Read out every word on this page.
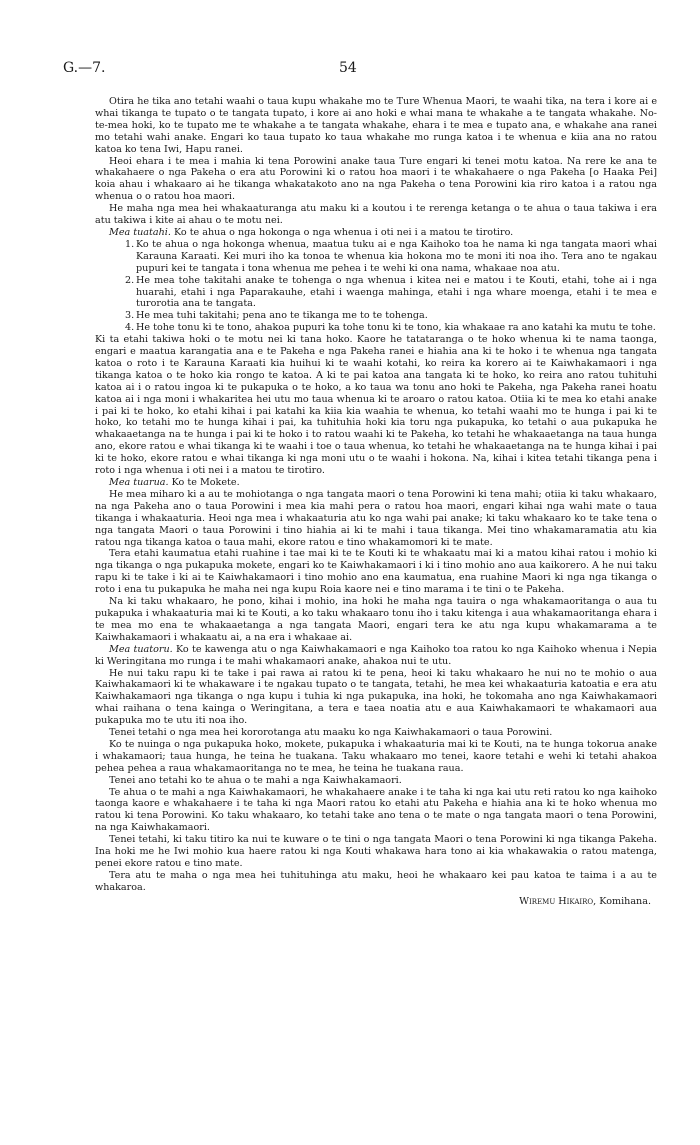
G.—7.	54

Otira he tika ano tetahi waahi o taua kupu whakahe mo te Ture Whenua Maori, te waahi tika, na tera i kore ai e whai tikanga te tupato o te tangata tupato, i kore ai ano hoki e whai mana te whakahe a te tangata whakahe. No-te-mea hoki, ko te tupato me te whakahe a te tangata whakahe, ehara i te mea e tupato ana, e whakahe ana ranei mo tetahi wahi anake. Engari ko taua tupato ko taua whakahe mo runga katoa i te whenua e kiia ana no ratou katoa ko tena Iwi, Hapu ranei.

Heoi ehara i te mea i mahia ki tena Porowini anake taua Ture engari ki tenei motu katoa. Na rere ke ana te whakahaere o nga Pakeha o era atu Porowini ki o ratou hoa maori i te whakahaere o nga Pakeha [o Haaka Pei] koia ahau i whakaaro ai he tikanga whakatakoto ano na nga Pakeha o tena Porowini kia riro katoa i a ratou nga whenua o o ratou hoa maori.

He maha nga mea hei whakaaturanga atu maku ki a koutou i te rerenga ketanga o te ahua o taua takiwa i era atu takiwa i kite ai ahau o te motu nei.

Mea tuatahi. Ko te ahua o nga hokonga o nga whenua i oti nei i a matou te tirotiro.

1. Ko te ahua o nga hokonga whenua, maatua tuku ai e nga Kaihoko toa he nama ki nga tangata maori whai Karauna Karaati. Kei muri iho ka tonoa te whenua kia hokona mo te moni iti noa iho. Tera ano te ngakau pupuri kei te tangata i tona whenua me pehea i te wehi ki ona nama, whakaae noa atu.
2. He mea tohe takitahi anake te tohenga o nga whenua i kitea nei e matou i te Kouti, etahi, tohe ai i nga huarahi, etahi i nga Paparakauhe, etahi i waenga mahinga, etahi i nga whare moenga, etahi i te mea e turorotia ana te tangata.
3. He mea tuhi takitahi; pena ano te tikanga me to te tohenga.
4. He tohe tonu ki te tono, ahakoa pupuri ka tohe tonu ki te tono, kia whakaae ra ano katahi ka mutu te tohe.

Ki ta etahi takiwa hoki o te motu nei ki tana hoko. Kaore he tatataranga o te hoko whenua ki te nama taonga, engari e maatua karangatia ana e te Pakeha e nga Pakeha ranei e hiahia ana ki te hoko i te whenua nga tangata katoa o roto i te Karauna Karaati kia huihui ki te waahi kotahi, ko reira ka korero ai te Kaiwhakamaori i nga tikanga katoa o te hoko kia rongo te katoa. A ki te pai katoa ana tangata ki te hoko, ko reira ano ratou tuhituhi katoa ai i o ratou ingoa ki te pukapuka o te hoko, a ko taua wa tonu ano hoki te Pakeha, nga Pakeha ranei hoatu katoa ai i nga moni i whakaritea hei utu mo taua whenua ki te aroaro o ratou katoa. Otiia ki te mea ko etahi anake i pai ki te hoko, ko etahi kihai i pai katahi ka kiia kia waahia te whenua, ko tetahi waahi mo te hunga i pai ki te hoko, ko tetahi mo te hunga kihai i pai, ka tuhituhia hoki kia toru nga pukapuka, ko tetahi o aua pukapuka he whakaaetanga na te hunga i pai ki te hoko i to ratou waahi ki te Pakeha, ko tetahi he whakaaetanga na taua hunga ano, ekore ratou e whai tikanga ki te waahi i toe o taua whenua, ko tetahi he whakaaetanga na te hunga kihai i pai ki te hoko, ekore ratou e whai tikanga ki nga moni utu o te waahi i hokona. Na, kihai i kitea tetahi tikanga pena i roto i nga whenua i oti nei i a matou te tirotiro.

Mea tuarua. Ko te Mokete.

He mea miharo ki a au te mohiotanga o nga tangata maori o tena Porowini ki tena mahi; otiia ki taku whakaaro, na nga Pakeha ano o taua Porowini i mea kia mahi pera o ratou hoa maori, engari kihai nga wahi mate o taua tikanga i whakaaturia. Heoi nga mea i whakaaturia atu ko nga wahi pai anake; ki taku whakaaro ko te take tena o nga tangata Maori o taua Porowini i tino hiahia ai ki te mahi i taua tikanga. Mei tino whakamaramatia atu kia ratou nga tikanga katoa o taua mahi, ekore ratou e tino whakamomori ki te mate.

Tera etahi kaumatua etahi ruahine i tae mai ki te te Kouti ki te whakaatu mai ki a matou kihai ratou i mohio ki nga tikanga o nga pukapuka mokete, engari ko te Kaiwhakamaori i ki i tino mohio ano aua kaikorero. A he nui taku rapu ki te take i ki ai te Kaiwhakamaori i tino mohio ano ena kaumatua, ena ruahine Maori ki nga nga tikanga o roto i ena tu pukapuka he maha nei nga kupu Roia kaore nei e tino marama i te tini o te Pakeha.

Na ki taku whakaaro, he pono, kihai i mohio, ina hoki he maha nga tauira o nga whakamaoritanga o aua tu pukapuka i whakaaturia mai ki te Kouti, a ko taku whakaaro tonu iho i taku kitenga i aua whakamaoritanga ehara i te mea mo ena te whakaaetanga a nga tangata Maori, engari tera ke atu nga kupu whakamarama a te Kaiwhakamaori i whakaatu ai, a na era i whakaae ai.

Mea tuatoru. Ko te kawenga atu o nga Kaiwhakamaori e nga Kaihoko toa ratou ko nga Kaihoko whenua i Nepia ki Weringitana mo runga i te mahi whakamaori anake, ahakoa nui te utu.

He nui taku rapu ki te take i pai rawa ai ratou ki te pena, heoi ki taku whakaaro he nui no te mohio o aua Kaiwhakamaori ki te whakaware i te ngakau tupato o te tangata, tetahi, he mea kei whakaaturia katoatia e era atu Kaiwhakamaori nga tikanga o nga kupu i tuhia ki nga pukapuka, ina hoki, he tokomaha ano nga Kaiwhakamaori whai raihana o tena kainga o Weringitana, a tera e taea noatia atu e aua Kaiwhakamaori te whakamaori aua pukapuka mo te utu iti noa iho.

Tenei tetahi o nga mea hei kororotanga atu maaku ko nga Kaiwhakamaori o taua Porowini.

Ko te nuinga o nga pukapuka hoko, mokete, pukapuka i whakaaturia mai ki te Kouti, na te hunga tokorua anake i whakamaori; taua hunga, he teina he tuakana. Taku whakaaro mo tenei, kaore tetahi e wehi ki tetahi ahakoa pehea pehea a raua whakamaoritanga no te mea, he teina he tuakana raua.

Tenei ano tetahi ko te ahua o te mahi a nga Kaiwhakamaori.

Te ahua o te mahi a nga Kaiwhakamaori, he whakahaere anake i te taha ki nga kai utu reti ratou ko nga kaihoko taonga kaore e whakahaere i te taha ki nga Maori ratou ko etahi atu Pakeha e hiahia ana ki te hoko whenua mo ratou ki tena Porowini. Ko taku whakaaro, ko tetahi take ano tena o te mate o nga tangata maori o tena Porowini, na nga Kaiwhakamaori.

Tenei tetahi, ki taku titiro ka nui te kuware o te tini o nga tangata Maori o tena Porowini ki nga tikanga Pakeha. Ina hoki me he Iwi mohio kua haere ratou ki nga Kouti whakawa hara tono ai kia whakawakia o ratou matenga, penei ekore ratou e tino mate.

Tera atu te maha o nga mea hei tuhituhinga atu maku, heoi he whakaaro kei pau katoa te taima i a au te whakaroa.

Wiremu Hikairo, Komihana.
